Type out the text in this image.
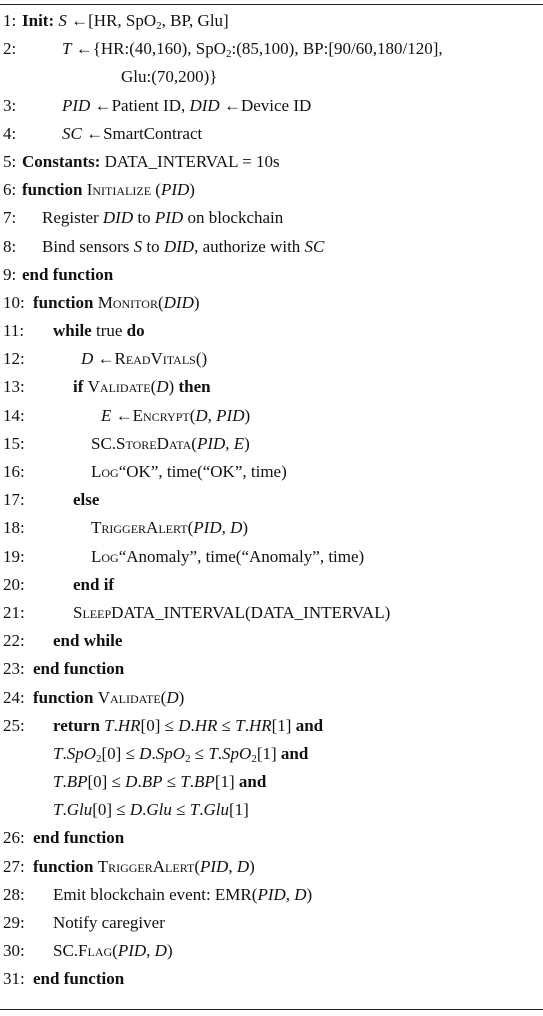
1: Init: S ←[HR, SpO$_2$, BP, Glu]
2:	T ←{HR:(40,160), SpO$_2$:(85,100), BP:[90/60,180/120],
Glu:(70,200)}
3:	PID ←Patient ID, DID ←Device ID
4:	SC ←SmartContract
5: Constants: DATA_INTERVAL = 10s
6: function Initialize (PID)
7: Register DID to PID on blockchain
8: Bind sensors S to DID, authorize with SC
9: end function
10: function Monitor(DID)
11: while true do
12:	D ←ReadVitals()
13:	if Validate(D) then
14:	E ←Encrypt(D, PID)
15:	SC.StoreData(PID, E)
16:	Log“OK”, time(“OK”, time)
17:	else
18:	TriggerAlert(PID, D)
19:	Log“Anomaly”, time(“Anomaly”, time)
20:	end if
21:	SleepDATA_INTERVAL(DATA_INTERVAL)
22: end while
23: end function
24: function Validate(D)
25: return T.HR[0] ≤ D.HR ≤ T.HR[1] and
T.SpO$_2$[0] ≤ D.SpO$_2$ ≤ T.SpO$_2$[1] and
T.BP[0] ≤ D.BP ≤ T.BP[1] and
T.Glu[0] ≤ D.Glu ≤ T.Glu[1]
26: end function
27: function TriggerAlert(PID, D)
28: Emit blockchain event: EMR(PID, D)
29: Notify caregiver
30: SC.Flag(PID, D)
31: end function
